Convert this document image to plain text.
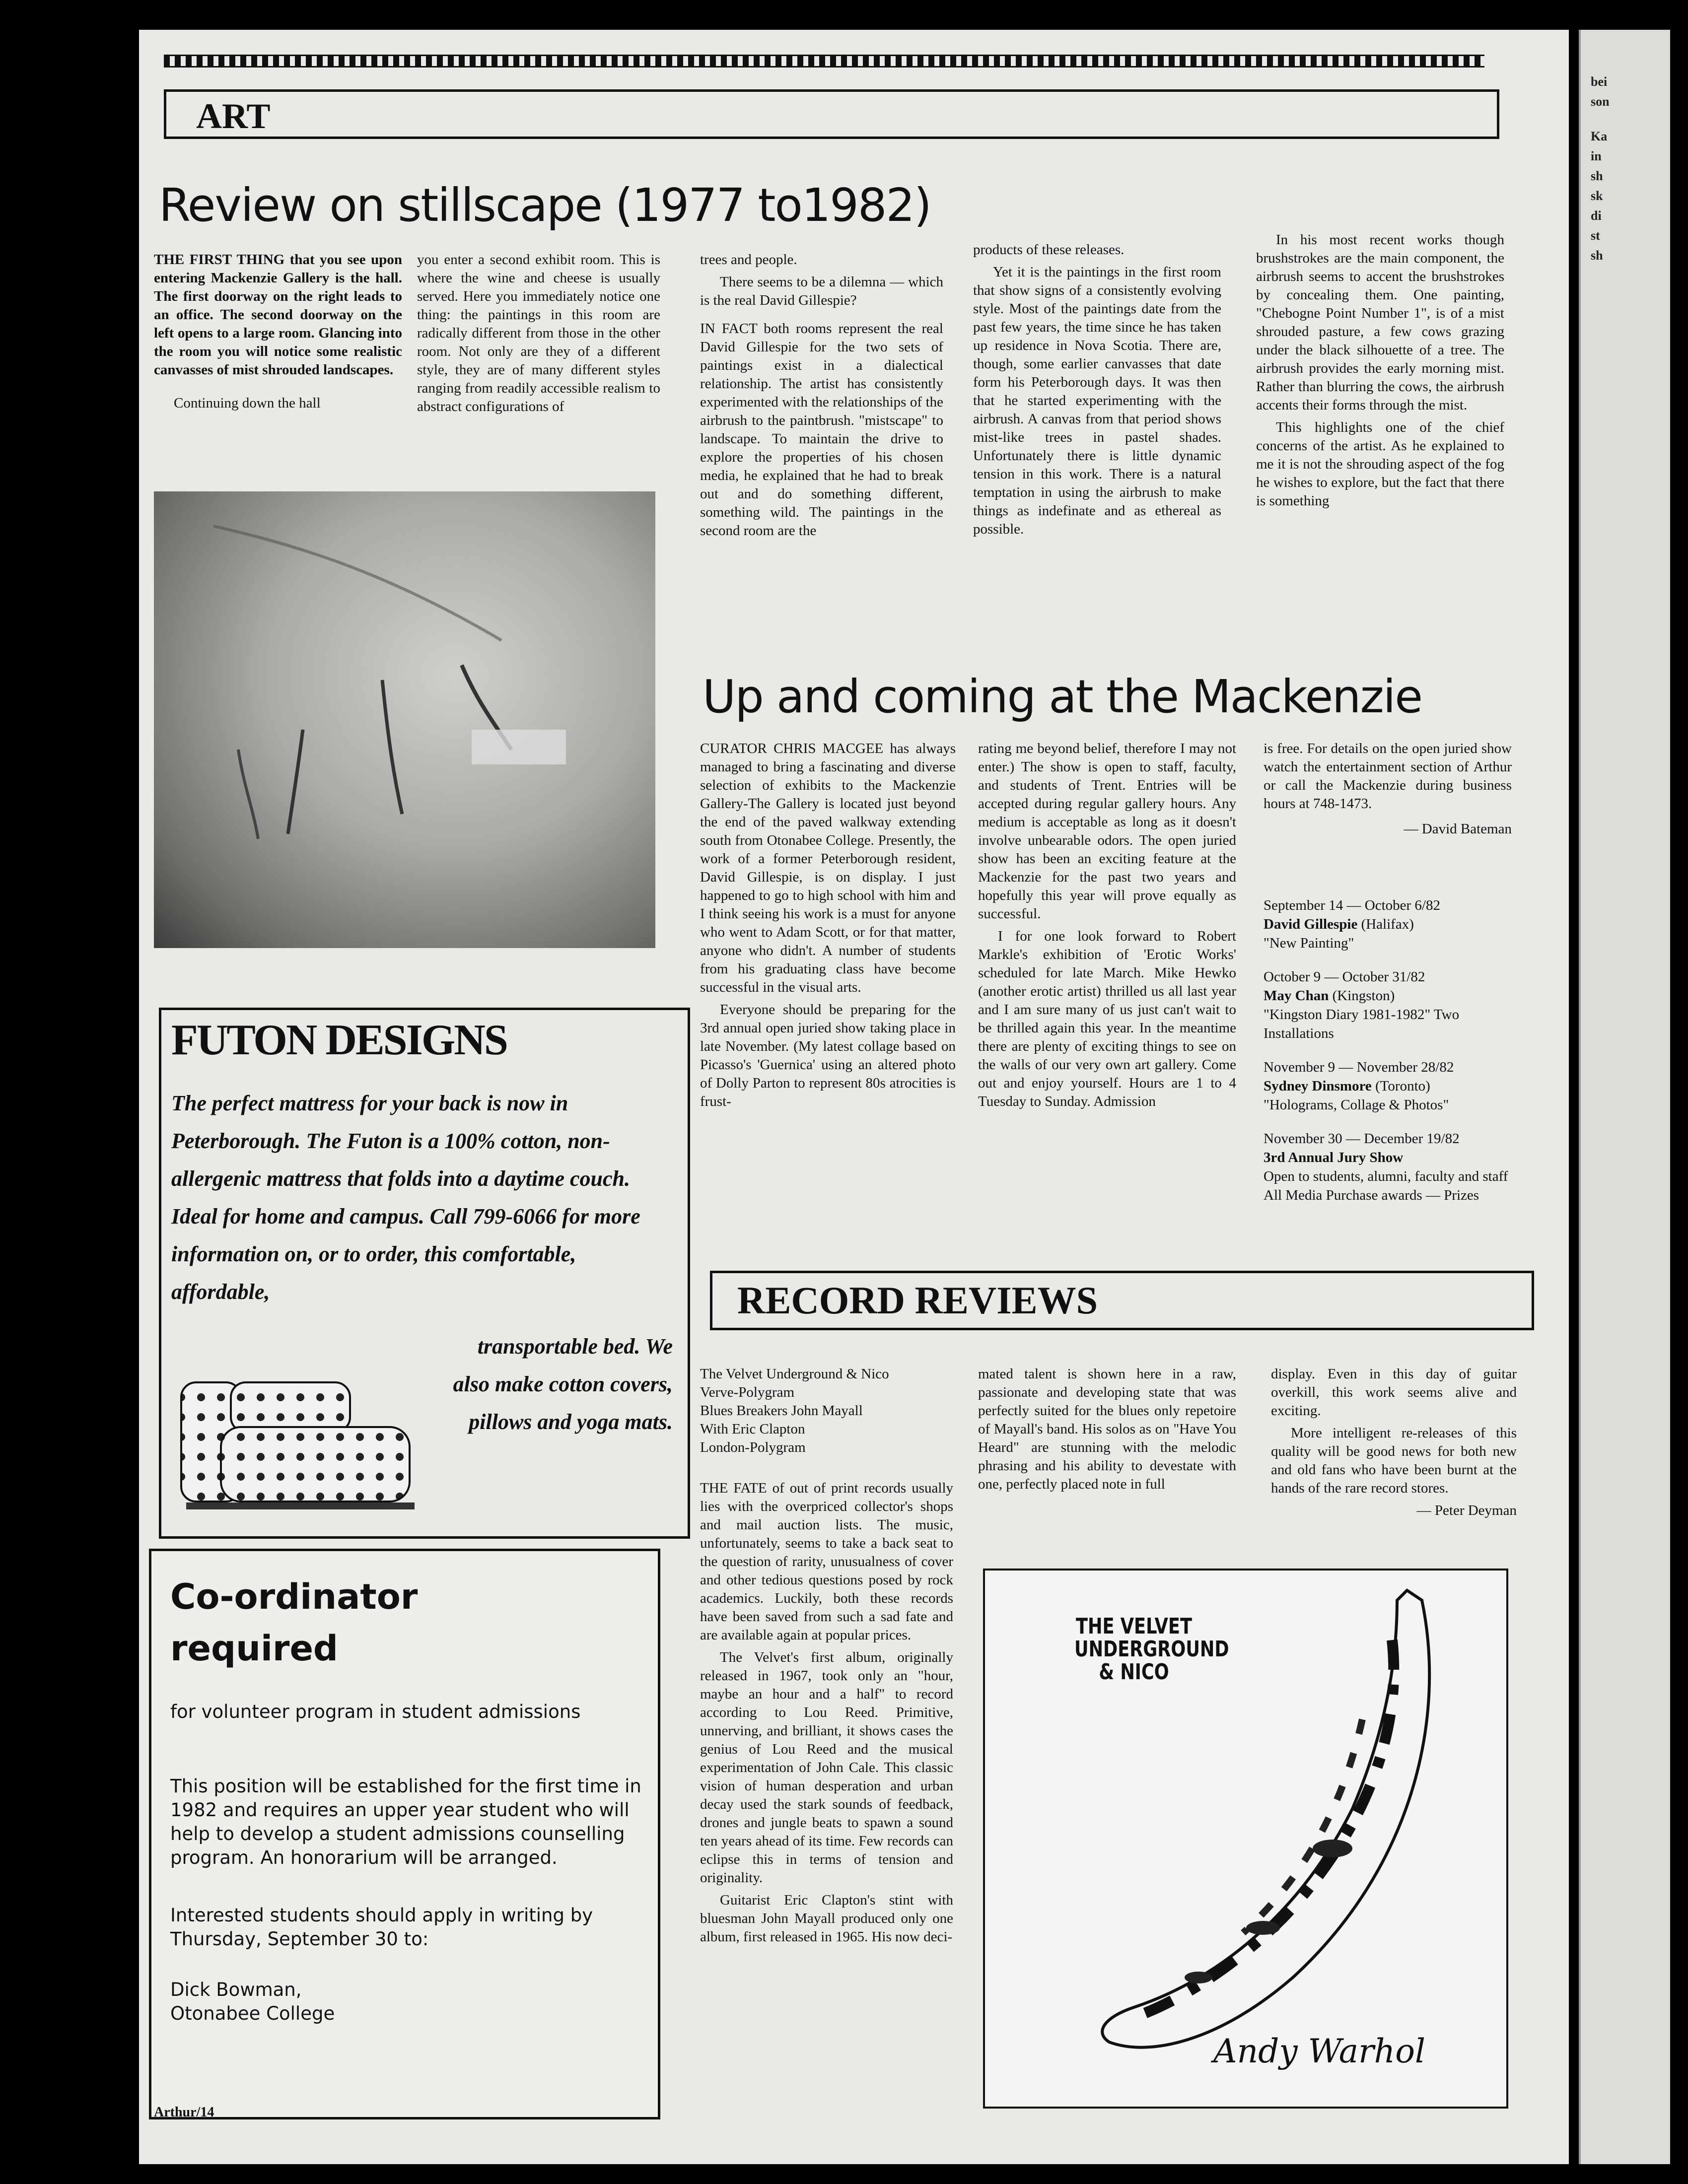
bei
son
Ka
in
sh
sk
di
st
sh
ART
Review on stillscape (1977 to1982)

THE FIRST THING that you see upon entering Mackenzie Gallery is the hall. The first doorway on the right leads to an office. The second doorway on the left opens to a large room. Glancing into the room you will notice some realistic canvasses of mist shrouded landscapes.

Continuing down the hall

you enter a second exhibit room. This is where the wine and cheese is usually served. Here you immediately notice one thing: the paintings in this room are radically different from those in the other room. Not only are they of a different style, they are of many different styles ranging from readily accessible realism to abstract configurations of

trees and people.

There seems to be a dilemna — which is the real David Gillespie?

IN FACT both rooms represent the real David Gillespie for the two sets of paintings exist in a dialectical relationship. The artist has consistently experimented with the relationships of the airbrush to the paintbrush. "mistscape" to landscape. To maintain the drive to explore the properties of his chosen media, he explained that he had to break out and do something different, something wild. The paintings in the second room are the

products of these releases.

Yet it is the paintings in the first room that show signs of a consistently evolving style. Most of the paintings date from the past few years, the time since he has taken up residence in Nova Scotia. There are, though, some earlier canvasses that date form his Peterborough days. It was then that he started experimenting with the airbrush. A canvas from that period shows mist-like trees in pastel shades. Unfortunately there is little dynamic tension in this work. There is a natural temptation in using the airbrush to make things as indefinate and as ethereal as possible.

In his most recent works though brushstrokes are the main component, the airbrush seems to accent the brushstrokes by concealing them. One painting, "Chebogne Point Number 1", is of a mist shrouded pasture, a few cows grazing under the black silhouette of a tree. The airbrush provides the early morning mist. Rather than blurring the cows, the airbrush accents their forms through the mist.

This highlights one of the chief concerns of the artist. As he explained to me it is not the shrouding aspect of the fog he wishes to explore, but the fact that there is something

Up and coming at the Mackenzie

CURATOR CHRIS MACGEE has always managed to bring a fascinating and diverse selection of exhibits to the Mackenzie Gallery-The Gallery is located just beyond the end of the paved walkway extending south from Otonabee College. Presently, the work of a former Peterborough resident, David Gillespie, is on display. I just happened to go to high school with him and I think seeing his work is a must for anyone who went to Adam Scott, or for that matter, anyone who didn't. A number of students from his graduating class have become successful in the visual arts.

Everyone should be preparing for the 3rd annual open juried show taking place in late November. (My latest collage based on Picasso's 'Guernica' using an altered photo of Dolly Parton to represent 80s atrocities is frust-

rating me beyond belief, therefore I may not enter.) The show is open to staff, faculty, and students of Trent. Entries will be accepted during regular gallery hours. Any medium is acceptable as long as it doesn't involve unbearable odors. The open juried show has been an exciting feature at the Mackenzie for the past two years and hopefully this year will prove equally as successful.

I for one look forward to Robert Markle's exhibition of 'Erotic Works' scheduled for late March. Mike Hewko (another erotic artist) thrilled us all last year and I am sure many of us just can't wait to be thrilled again this year. In the meantime there are plenty of exciting things to see on the walls of our very own art gallery. Come out and enjoy yourself. Hours are 1 to 4 Tuesday to Sunday. Admission

is free. For details on the open juried show watch the entertainment section of Arthur or call the Mackenzie during business hours at 748-1473.

— David Bateman

September 14 — October 6/82
David Gillespie (Halifax)
"New Painting"

October 9 — October 31/82
May Chan (Kingston)
"Kingston Diary 1981-1982" Two Installations

November 9 — November 28/82
Sydney Dinsmore (Toronto)
"Holograms, Collage & Photos"

November 30 — December 19/82
3rd Annual Jury Show
Open to students, alumni, faculty and staff All Media Purchase awards — Prizes

FUTON DESIGNS
The perfect mattress for your back is now in Peterborough. The Futon is a 100% cotton, non-allergenic mattress that folds into a daytime couch. Ideal for home and campus. Call 799-6066 for more information on, or to order, this comfortable, affordable,
transportable bed. We also make cotton covers, pillows and yoga mats.
Co-ordinator
required
for volunteer program in student admissions
This position will be established for the first time in 1982 and requires an upper year student who will help to develop a student admissions counselling program. An honorarium will be arranged.
Interested students should apply in writing by Thursday, September 30 to:
Dick Bowman,
Otonabee College
RECORD REVIEWS
The Velvet Underground & Nico
Verve-Polygram
Blues Breakers John Mayall
With Eric Clapton
London-Polygram

THE FATE of out of print records usually lies with the overpriced collector's shops and mail auction lists. The music, unfortunately, seems to take a back seat to the question of rarity, unusualness of cover and other tedious questions posed by rock academics. Luckily, both these records have been saved from such a sad fate and are available again at popular prices.

The Velvet's first album, originally released in 1967, took only an "hour, maybe an hour and a half" to record according to Lou Reed. Primitive, unnerving, and brilliant, it shows cases the genius of Lou Reed and the musical experimentation of John Cale. This classic vision of human desperation and urban decay used the stark sounds of feedback, drones and jungle beats to spawn a sound ten years ahead of its time. Few records can eclipse this in terms of tension and originality.

Guitarist Eric Clapton's stint with bluesman John Mayall produced only one album, first released in 1965. His now deci-

mated talent is shown here in a raw, passionate and developing state that was perfectly suited for the blues only repetoire of Mayall's band. His solos as on "Have You Heard" are stunning with the melodic phrasing and his ability to devestate with one, perfectly placed note in full

display. Even in this day of guitar overkill, this work seems alive and exciting.

More intelligent re-releases of this quality will be good news for both new and old fans who have been burnt at the hands of the rare record stores.

— Peter Deyman

THE VELVET
UNDERGROUND
& NICO
Andy Warhol
Arthur/14
